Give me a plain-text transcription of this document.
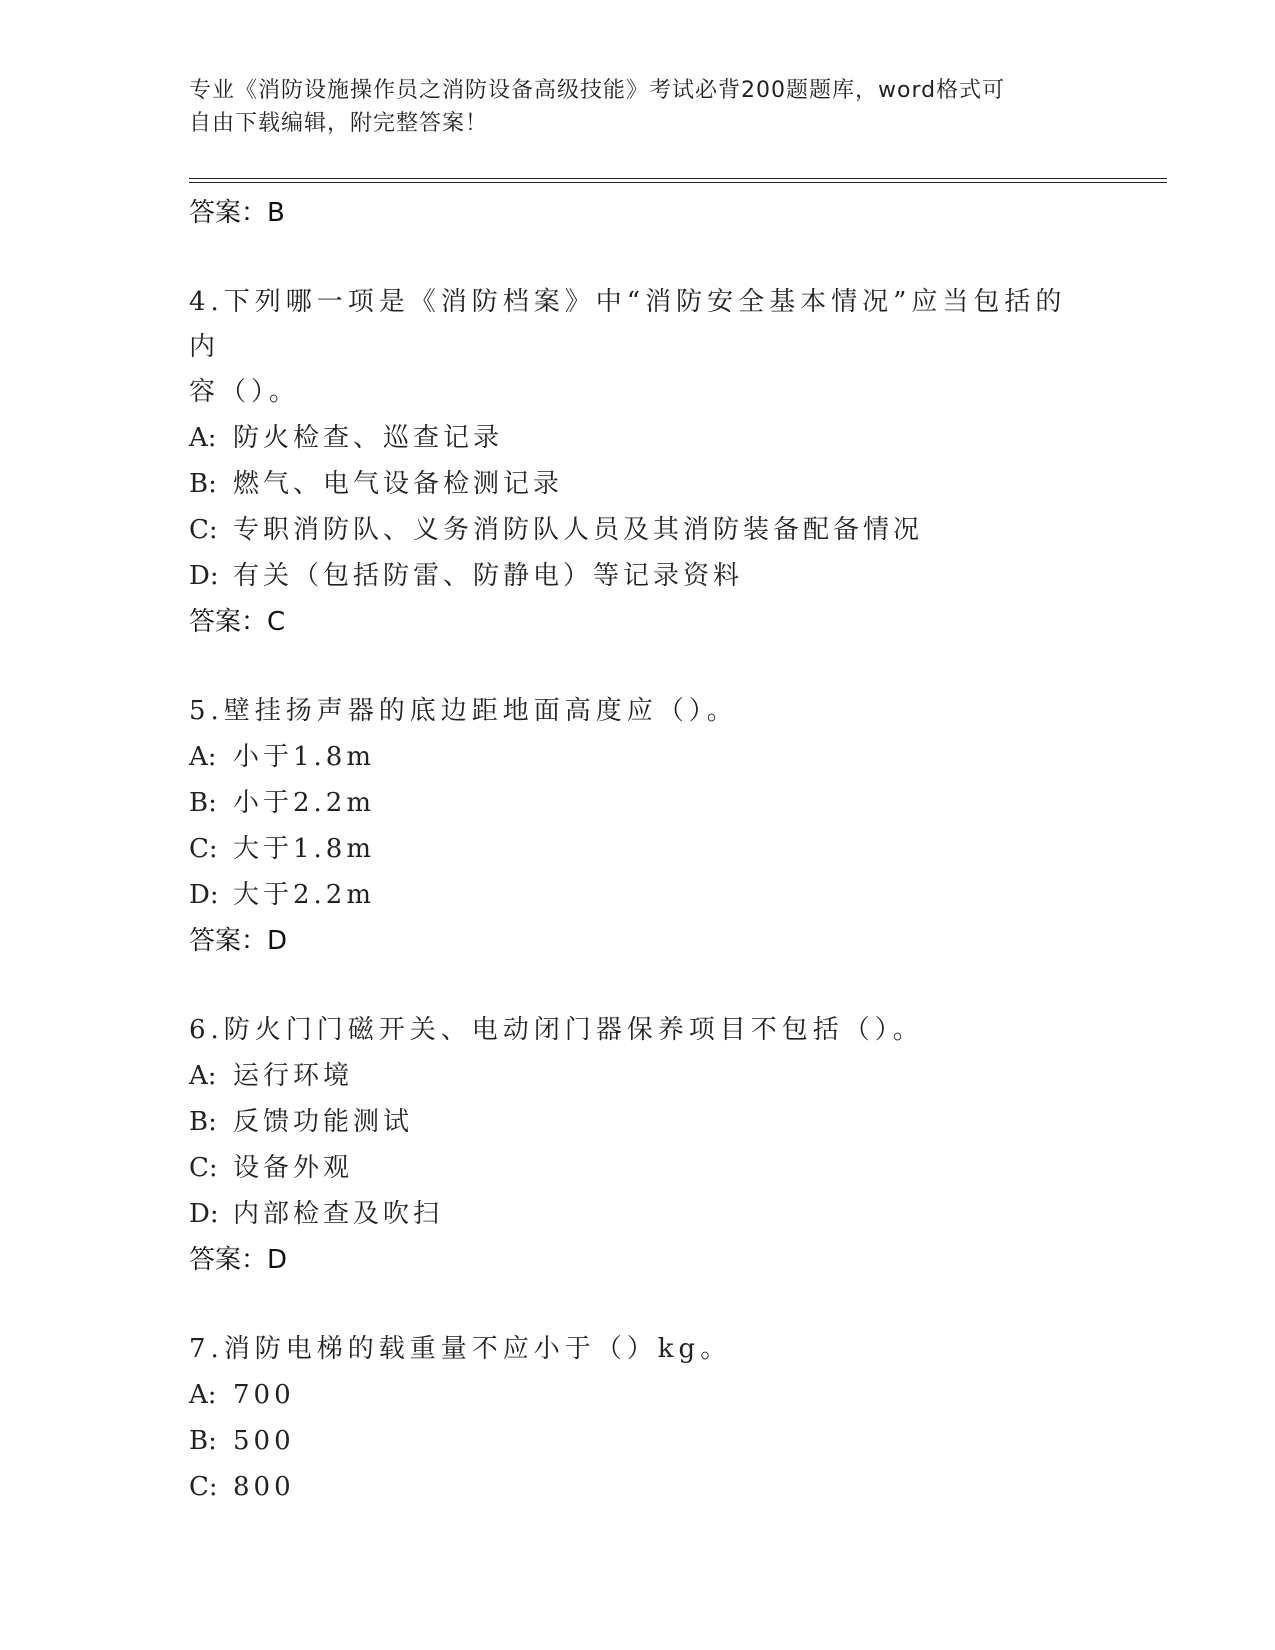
专业《消防设施操作员之消防设备高级技能》考试必背200题题库，word格式可
自由下载编辑，附完整答案！
答案：B
4.下列哪一项是《消防档案》中“消防安全基本情况”应当包括的内
容（）。
A: 防火检查、巡查记录
B: 燃气、电气设备检测记录
C: 专职消防队、义务消防队人员及其消防装备配备情况
D: 有关（包括防雷、防静电）等记录资料
答案：C
5.壁挂扬声器的底边距地面高度应（）。
A: 小于1.8m
B: 小于2.2m
C: 大于1.8m
D: 大于2.2m
答案：D
6.防火门门磁开关、电动闭门器保养项目不包括（）。
A: 运行环境
B: 反馈功能测试
C: 设备外观
D: 内部检查及吹扫
答案：D
7.消防电梯的载重量不应小于（）kg。
A: 700
B: 500
C: 800
